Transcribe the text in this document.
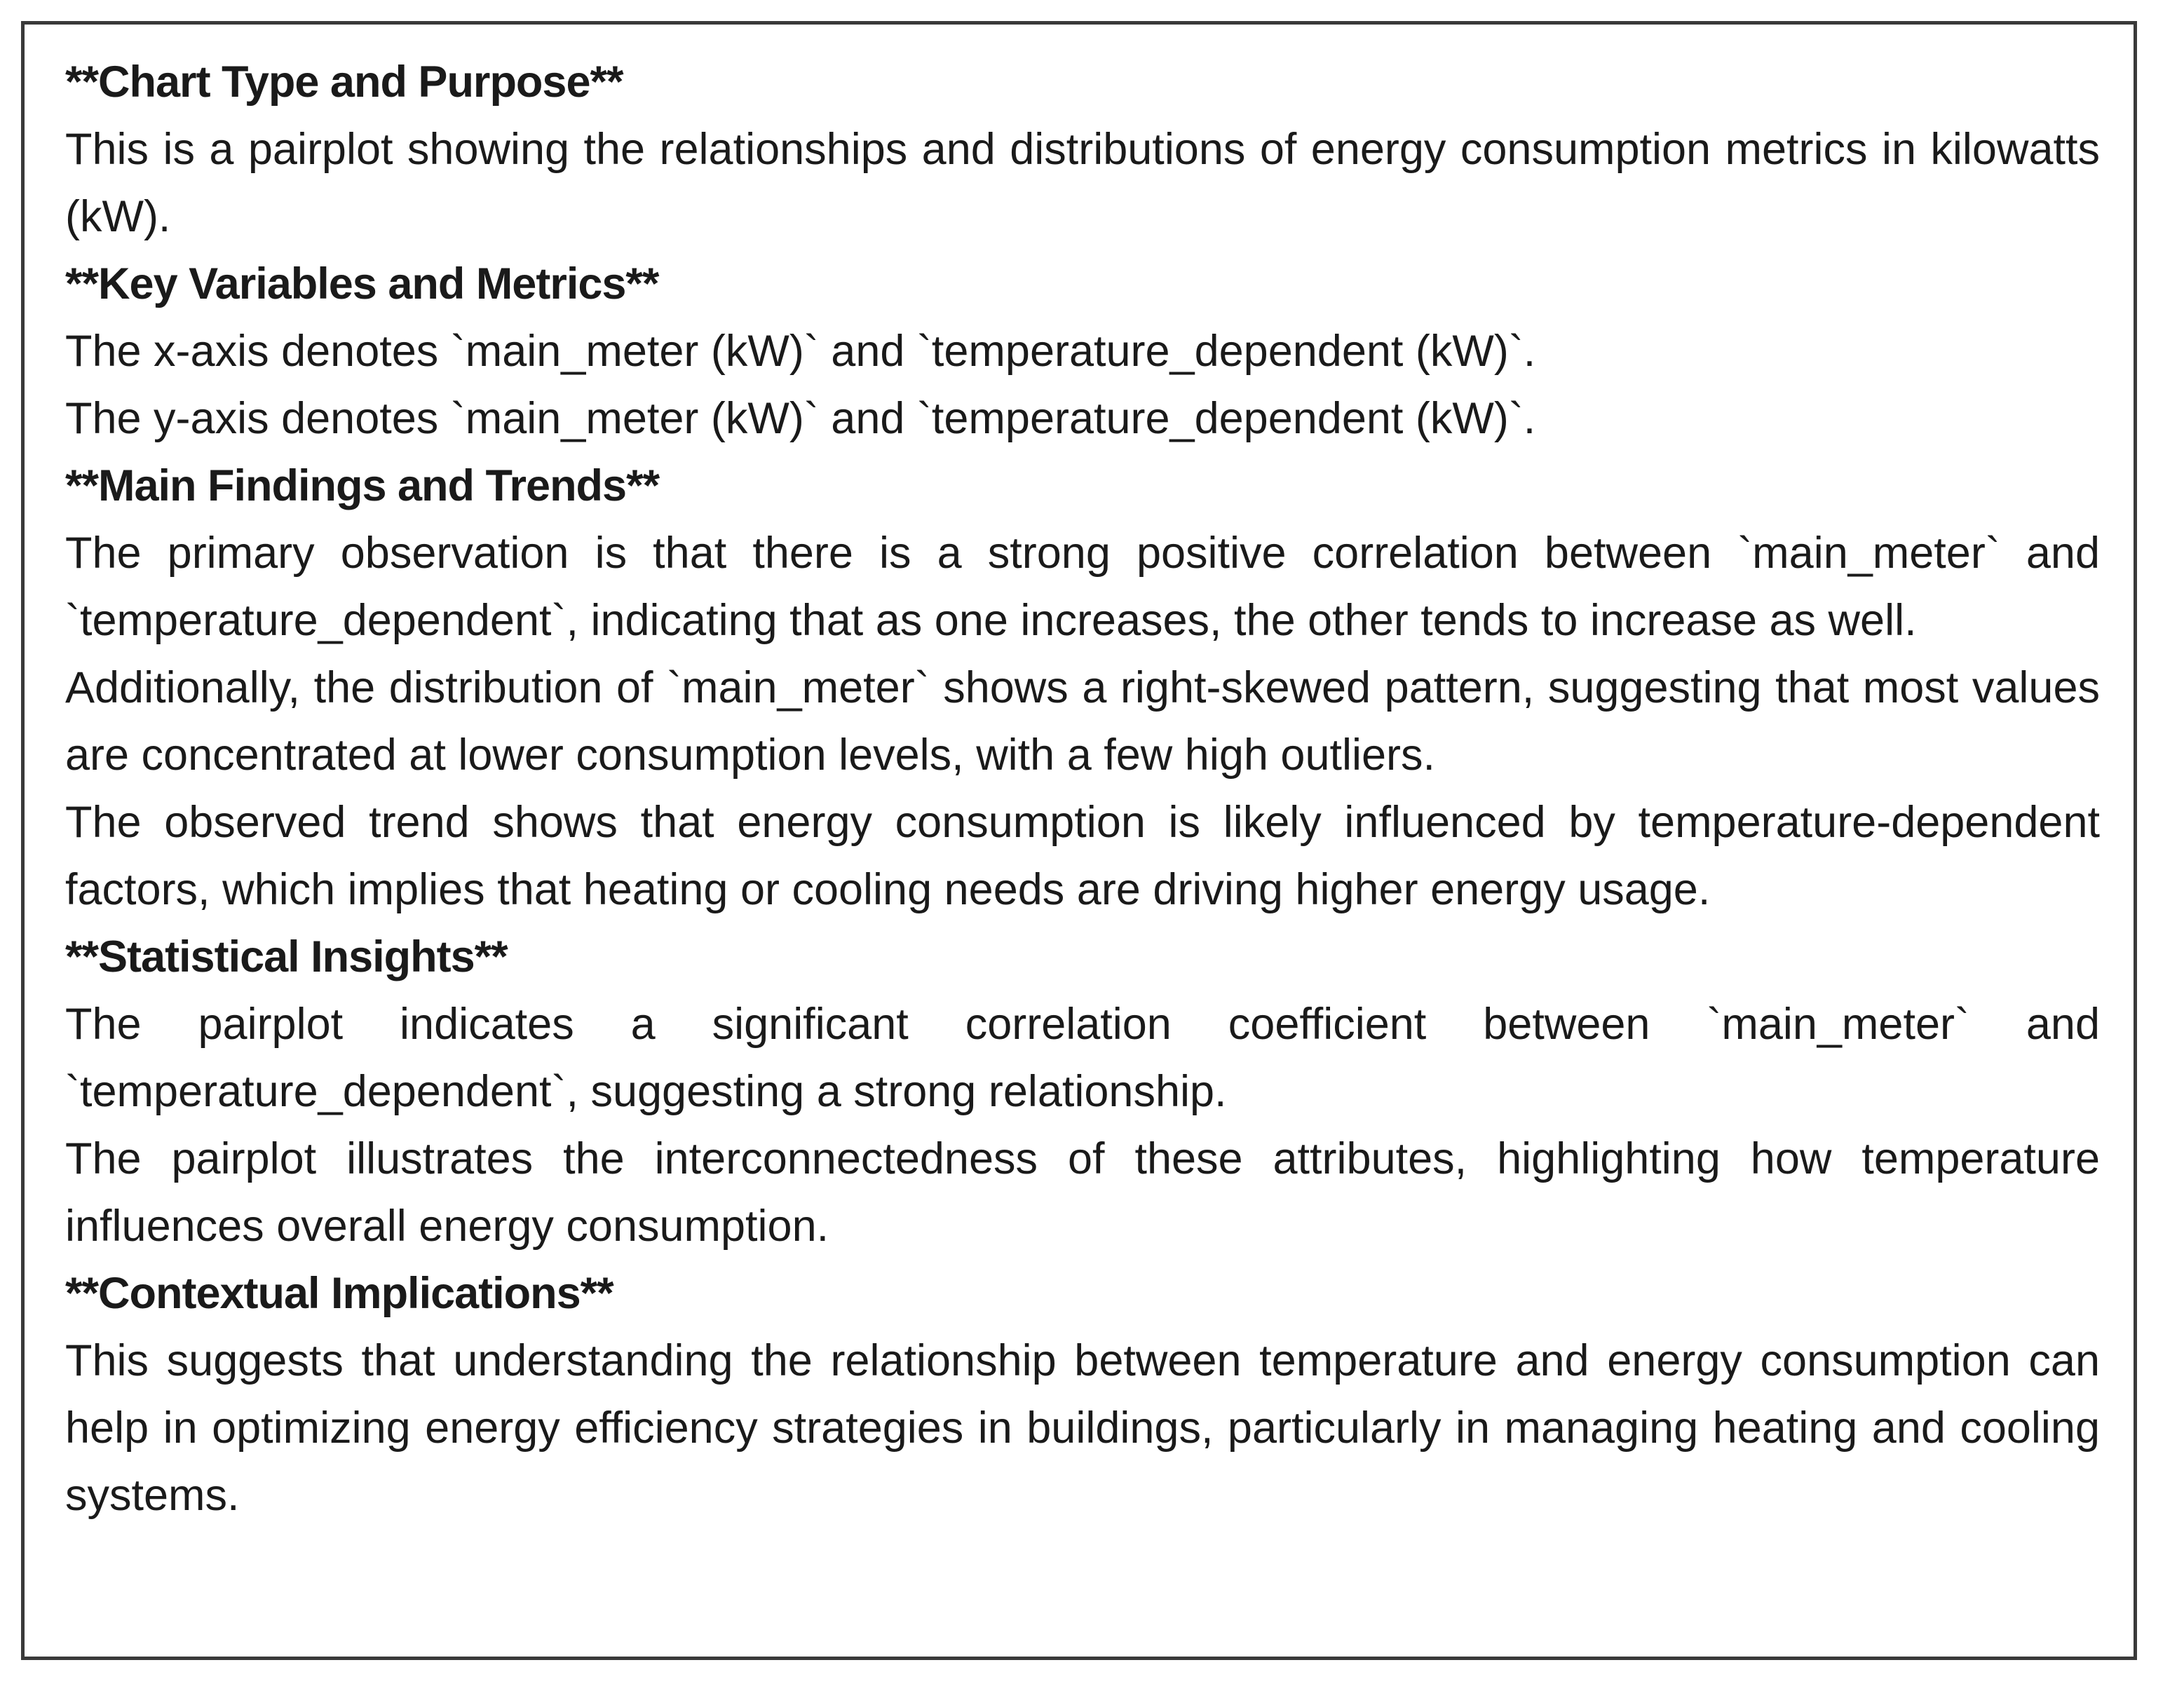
**Chart Type and Purpose**

This is a pairplot showing the relationships and distributions of energy consumption metrics in kilowatts (kW).

**Key Variables and Metrics**

The x-axis denotes `main_meter (kW)` and `temperature_dependent (kW)`.

The y-axis denotes `main_meter (kW)` and `temperature_dependent (kW)`.

**Main Findings and Trends**

The primary observation is that there is a strong positive correlation between `main_meter` and `temperature_dependent`, indicating that as one increases, the other tends to increase as well.

Additionally, the distribution of `main_meter` shows a right-skewed pattern, suggesting that most values are concentrated at lower consumption levels, with a few high outliers.

The observed trend shows that energy consumption is likely influenced by temperature-dependent factors, which implies that heating or cooling needs are driving higher energy usage.

**Statistical Insights**

The pairplot indicates a significant correlation coefficient between `main_meter` and `temperature_dependent`, suggesting a strong relationship.

The pairplot illustrates the interconnectedness of these attributes, highlighting how temperature influences overall energy consumption.

**Contextual Implications**

This suggests that understanding the relationship between temperature and energy consumption can help in optimizing energy efficiency strategies in buildings, particularly in managing heating and cooling systems.
